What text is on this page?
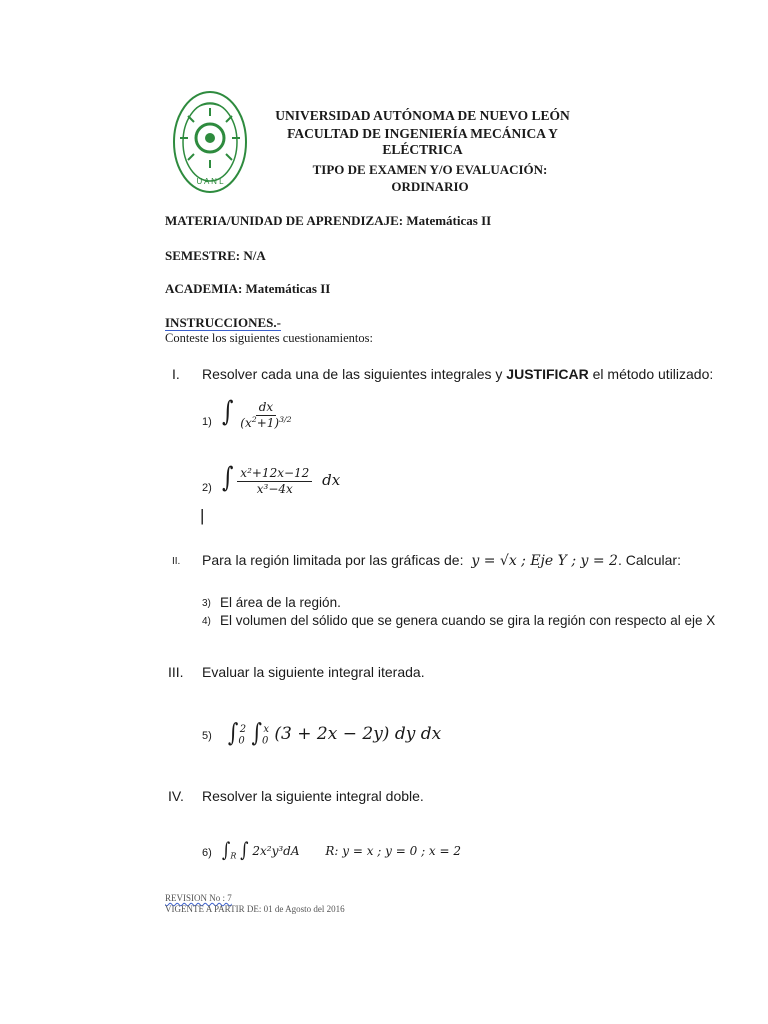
U A N L
UNIVERSIDAD AUTÓNOMA DE NUEVO LEÓN
FACULTAD DE INGENIERÍA MECÁNICA Y ELÉCTRICA
TIPO DE EXAMEN Y/O EVALUACIÓN:
ORDINARIO
MATERIA/UNIDAD DE APRENDIZAJE: Matemáticas II
SEMESTRE: N/A
ACADEMIA: Matemáticas II
INSTRUCCIONES.-
Conteste los siguientes cuestionamientos:
I. Resolver cada una de las siguientes integrales y JUSTIFICAR el método utilizado:
1) ∫ $\frac{dx}{(x^2+1)^{3/2}}$
2) ∫ $\frac{\text{x²+12x−12}}{\text{x³−4x}}$ dx
|
II. Para la región limitada por las gráficas de: y = √x ; Eje Y ; y = 2. Calcular:
3) El área de la región.
4) El volumen del sólido que se genera cuando se gira la región con respecto al eje X
III. Evaluar la siguiente integral iterada.
5) $\int_0^2$ $\int_0^x$ (3 + 2x − 2y) dy dx
IV. Resolver la siguiente integral doble.
6) $\int_R$ ∫ 2x²y³dA R: y = x ; y = 0 ; x = 2
REVISION No : 7
VIGENTE A PARTIR DE: 01 de Agosto del 2016
